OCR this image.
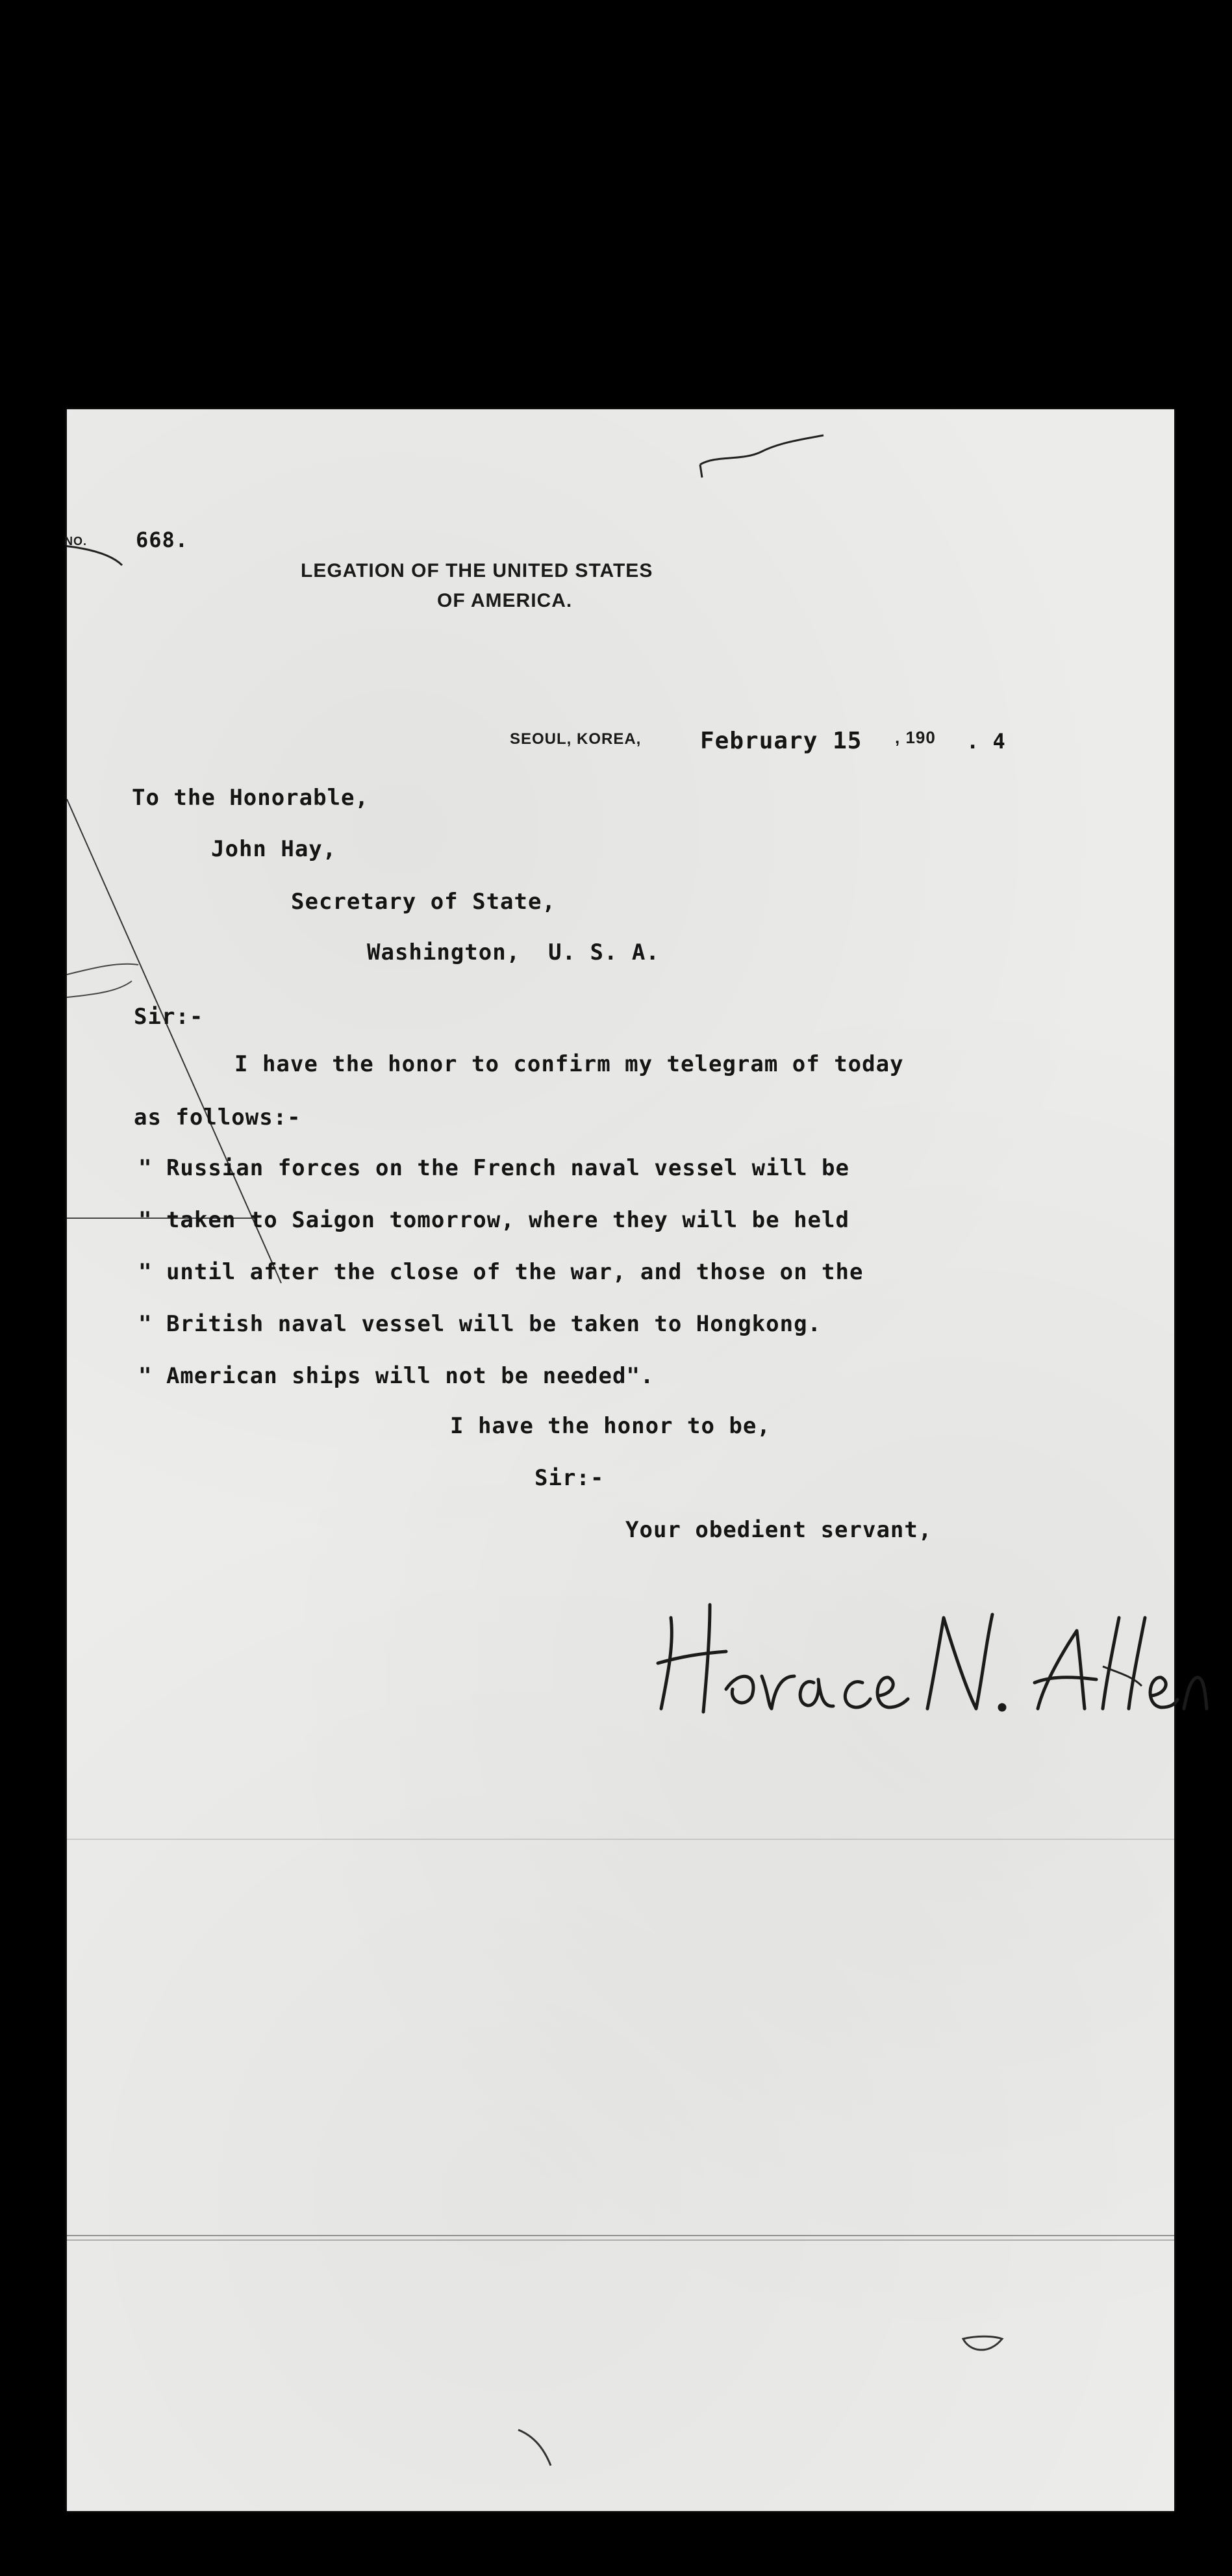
NO. 668.
LEGATION OF THE UNITED STATES
OF AMERICA.
SEOUL, KOREA,	February 15 , 190 . 4
To the Honorable,
John Hay,
Secretary of State,
Washington,  U. S. A.
Sir:-
I have the honor to confirm my telegram of today
as follows:-
" Russian forces on the French naval vessel will be
" taken to Saigon tomorrow, where they will be held
" until after the close of the war, and those on the
" British naval vessel will be taken to Hongkong.
" American ships will not be needed".
I have the honor to be,
Sir:-
Your obedient servant,
